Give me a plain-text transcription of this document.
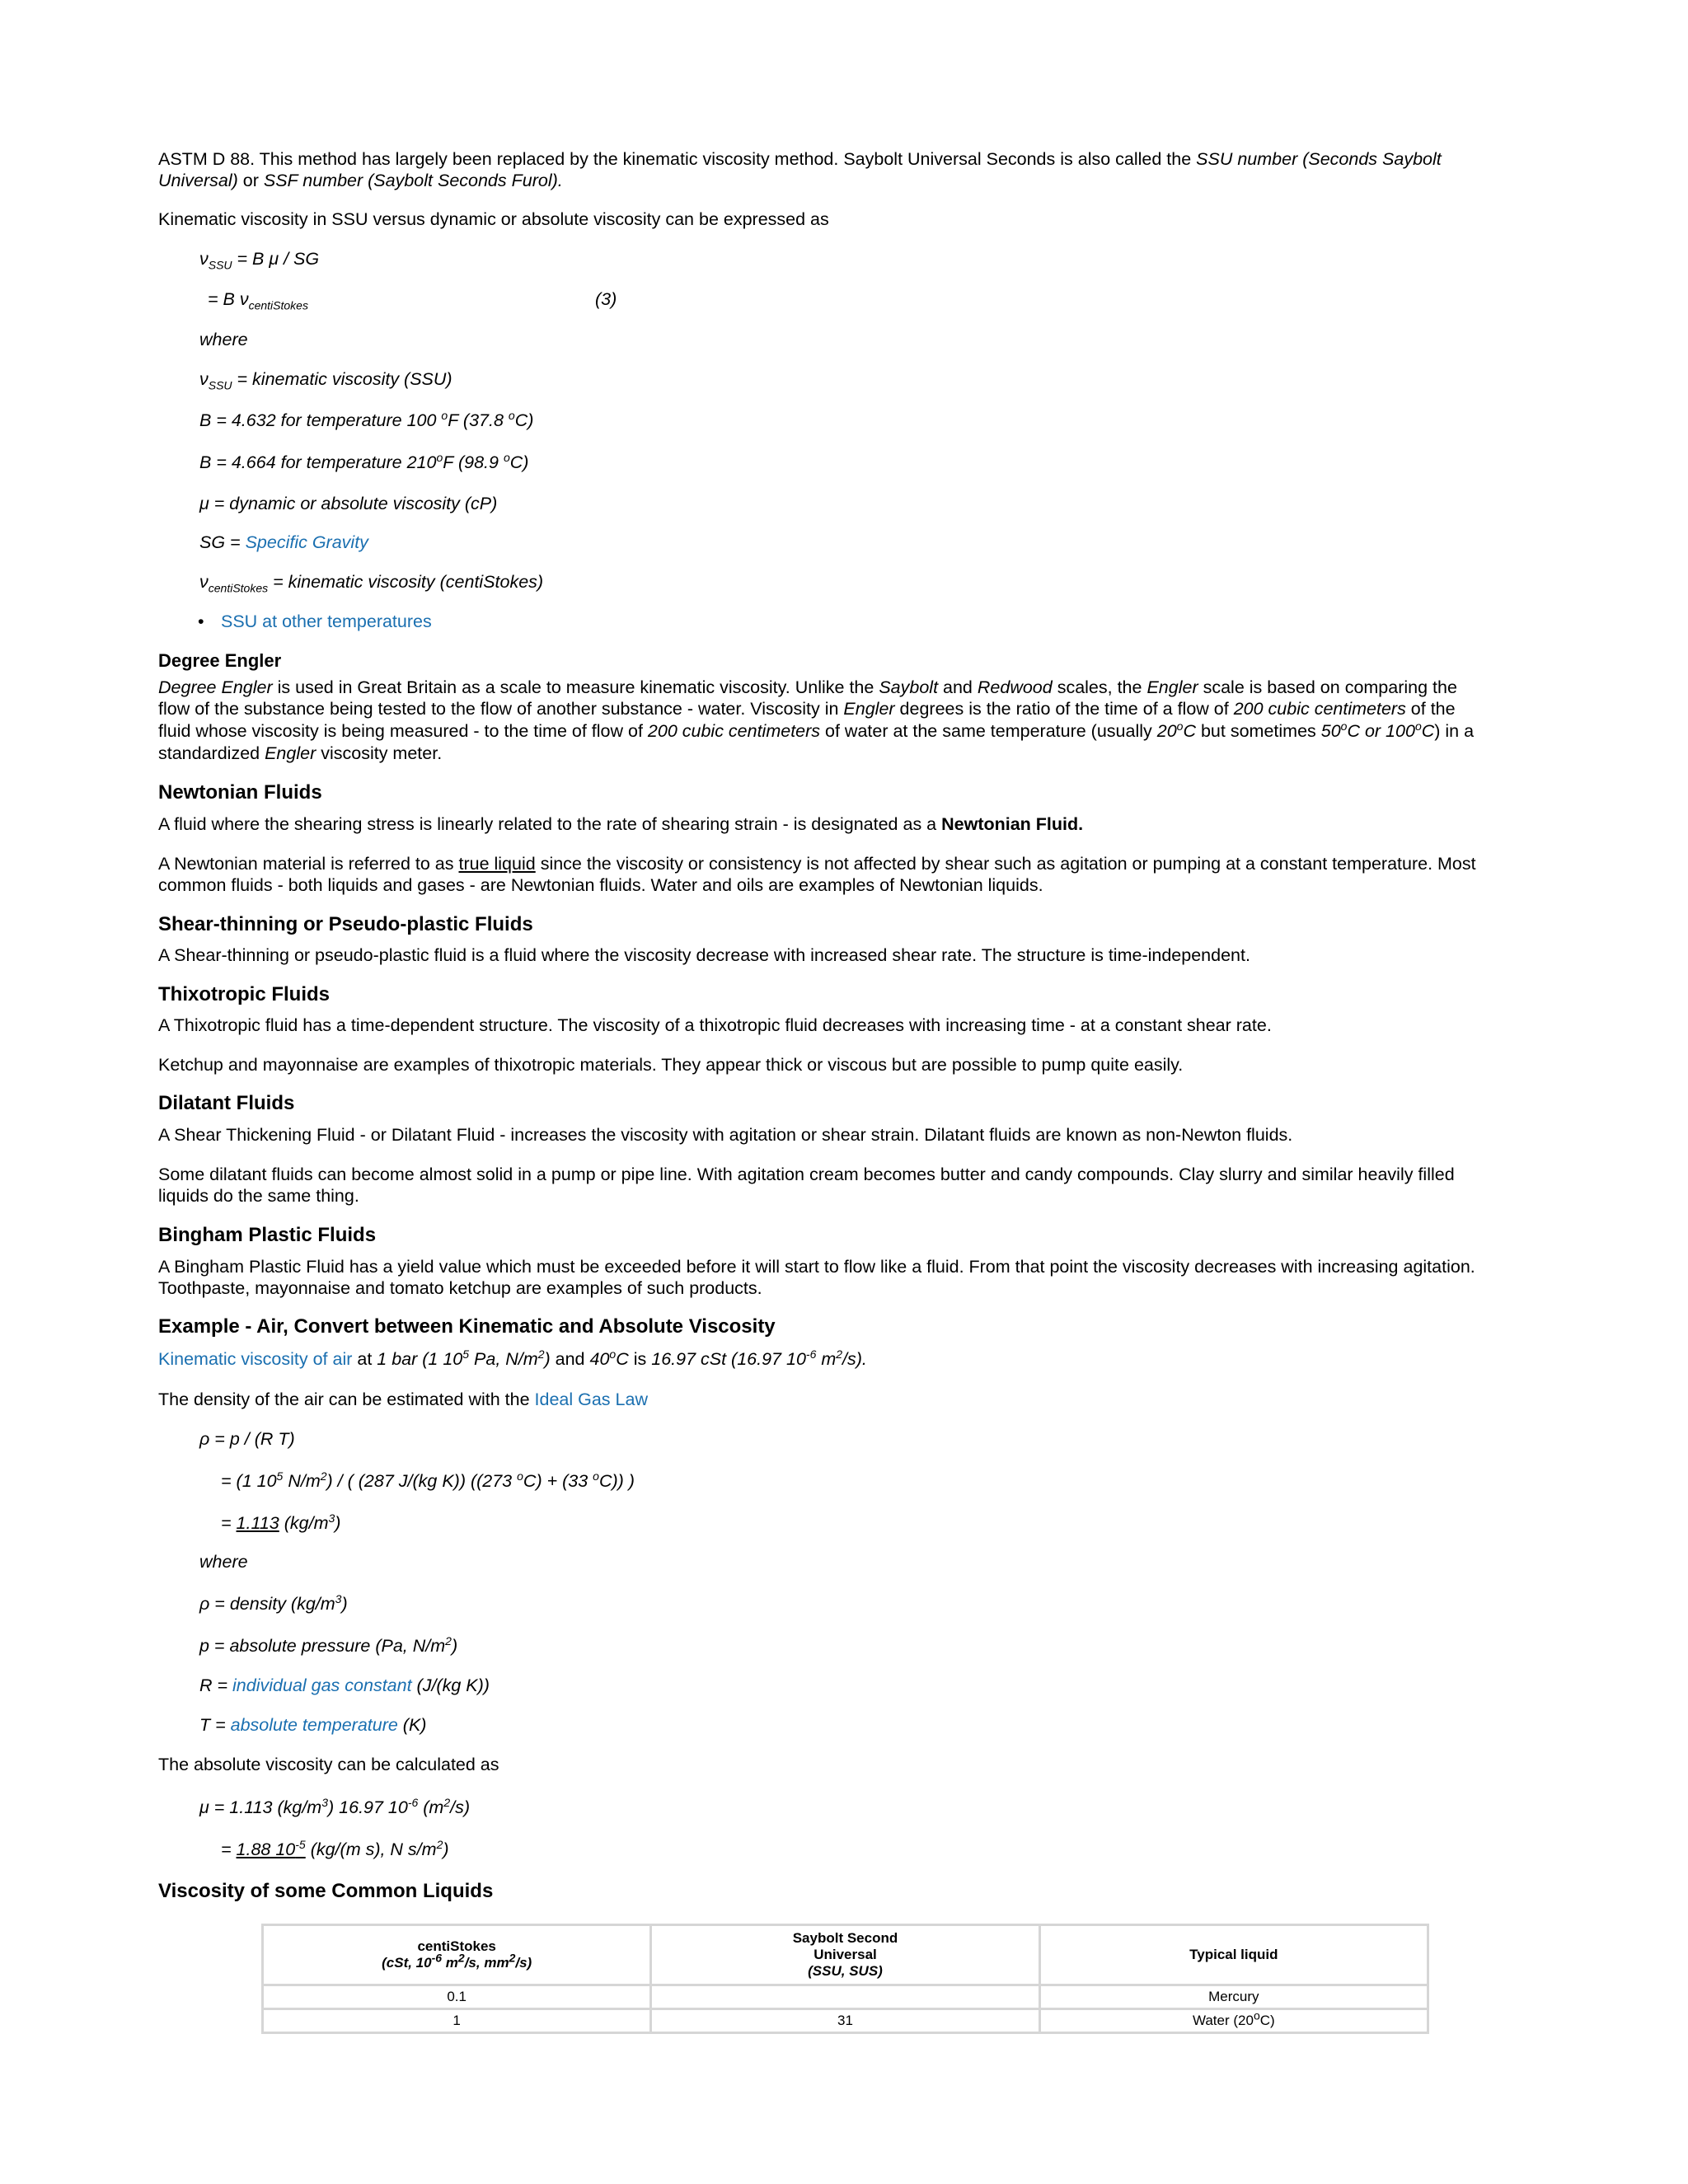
ASTM D 88. This method has largely been replaced by the kinematic viscosity method. Saybolt Universal Seconds is also called the SSU number (Seconds Saybolt
Universal) or SSF number (Saybolt Seconds Furol).
Kinematic viscosity in SSU versus dynamic or absolute viscosity can be expressed as
$\nu_{SSU} = B$ μ / SG
= B $\nu_{centiStokes}$	(3)
where
$\nu_{SSU}$ = kinematic viscosity (SSU)
B = 4.632 for temperature 100 $^o$F (37.8 $^o$C)
B = 4.664 for temperature 210$^o$F (98.9 $^o$C)
μ = dynamic or absolute viscosity (cP)
SG = Specific Gravity
$\nu_{centiStokes}$ = kinematic viscosity (centiStokes)
• SSU at other temperatures
Degree Engler
Degree Engler is used in Great Britain as a scale to measure kinematic viscosity. Unlike the Saybolt and Redwood scales, the Engler scale is based on comparing the
flow of the substance being tested to the flow of another substance - water. Viscosity in Engler degrees is the ratio of the time of a flow of 200 cubic centimeters of the
fluid whose viscosity is being measured - to the time of flow of 200 cubic centimeters of water at the same temperature (usually 20$^o$C but sometimes 50$^o$C or 100$^o$C) in a
standardized Engler viscosity meter.
Newtonian Fluids
A fluid where the shearing stress is linearly related to the rate of shearing strain - is designated as a Newtonian Fluid.
A Newtonian material is referred to as true liquid since the viscosity or consistency is not affected by shear such as agitation or pumping at a constant temperature. Most
common fluids - both liquids and gases - are Newtonian fluids. Water and oils are examples of Newtonian liquids.
Shear-thinning or Pseudo-plastic Fluids
A Shear-thinning or pseudo-plastic fluid is a fluid where the viscosity decrease with increased shear rate. The structure is time-independent.
Thixotropic Fluids
A Thixotropic fluid has a time-dependent structure. The viscosity of a thixotropic fluid decreases with increasing time - at a constant shear rate.
Ketchup and mayonnaise are examples of thixotropic materials. They appear thick or viscous but are possible to pump quite easily.
Dilatant Fluids
A Shear Thickening Fluid - or Dilatant Fluid - increases the viscosity with agitation or shear strain. Dilatant fluids are known as non-Newton fluids.
Some dilatant fluids can become almost solid in a pump or pipe line. With agitation cream becomes butter and candy compounds. Clay slurry and similar heavily filled
liquids do the same thing.
Bingham Plastic Fluids
A Bingham Plastic Fluid has a yield value which must be exceeded before it will start to flow like a fluid. From that point the viscosity decreases with increasing agitation.
Toothpaste, mayonnaise and tomato ketchup are examples of such products.
Example - Air, Convert between Kinematic and Absolute Viscosity
Kinematic viscosity of air at 1 bar (1 $10^5$ Pa, $N/m^2$) and 40$^o$C is 16.97 cSt (16.97 $10^{-6}$ $m^2/s$).
The density of the air can be estimated with the Ideal Gas Law
ρ = p / (R T)
= (1 $10^5$ $N/m^2$) / ( (287 J/(kg K)) ((273 $^o$C) + (33 $^o$C)) )
= 1.113 $(kg/m^3)$
where
ρ = density $(kg/m^3)$
p = absolute pressure (Pa, $N/m^2$)
R = individual gas constant (J/(kg K))
T = absolute temperature (K)
The absolute viscosity can be calculated as
μ = 1.113 $(kg/m^3)$ 16.97 $10^{-6}$ $(m^2/s)$
= 1.88 $10^{-5}$ (kg/(m s), N $s/m^2$)
Viscosity of some Common Liquids
centiStokes
(cSt, $10^{-6}$ $m^2/s$, $mm^2/s$)	Saybolt Second
Universal
(SSU, SUS)	Typical liquid
0.1		Mercury
1	31	Water (20$^o$C)
